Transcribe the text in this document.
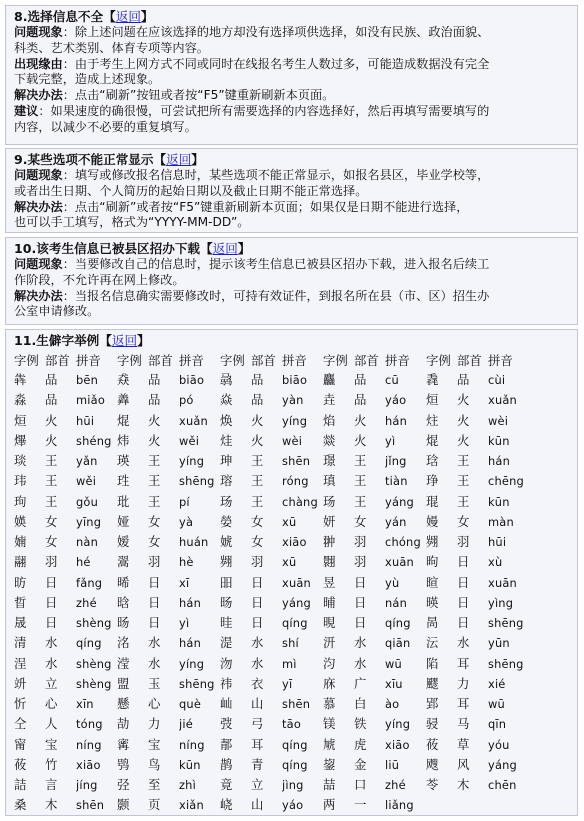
8.选择信息不全【返回】
问题现象：除上述问题在应该选择的地方却没有选择项供选择，如没有民族、政治面貌、
科类、艺术类别、体育专项等内容。
出现缘由：由于考生上网方式不同或同时在线报名考生人数过多，可能造成数据没有完全
下载完整，造成上述现象。
解决办法：点击“刷新”按钮或者按“F5”键重新刷新本页面。
建议：如果速度的确很慢，可尝试把所有需要选择的内容选择好，然后再填写需要填写的
内容，以减少不必要的重复填写。
9.某些选项不能正常显示【返回】
问题现象：填写或修改报名信息时，某些选项不能正常显示，如报名县区，毕业学校等，
或者出生日期、个人简历的起始日期以及截止日期不能正常选择。
解决办法：点击“刷新”或者按“F5”键重新刷新本页面；如果仅是日期不能进行选择，
也可以手工填写，格式为“YYYY-MM-DD”。
10.该考生信息已被县区招办下载【返回】
问题现象：当要修改自己的信息时，提示该考生信息已被县区招办下载，进入报名后续工
作阶段，不允许再在网上修改。
解决办法：当报名信息确实需要修改时，可持有效证件，到报名所在县（市、区）招生办
公室申请修改。
11.生僻字举例【返回】
字例	部首	拼音	字例	部首	拼音	字例	部首	拼音	字例	部首	拼音	字例	部首	拼音
犇	品	bēn	猋	品	biāo	骉	品	biāo	麤	品	cū	毳	品	cùi
淼	品	miǎo	羴	品	pó	焱	品	yàn	垚	品	yáo	烜	火	xuǎn
烜	火	hūi	焜	火	xuǎn	焕	火	yíng	焰	火	hán	炷	火	wèi
熚	火	shéng	炜	火	wěi	烓	火	wèi	燚	火	yì	焜	火	kūn
琰	王	yǎn	瑛	王	yíng	珅	王	shēn	璟	王	jǐng	琀	王	hán
玮	王	wěi	珄	王	shēng	瑢	王	róng	瑱	王	tiàn	琤	王	chēng
玽	王	gǒu	玭	王	pí	玚	王	chàng	玚	王	yáng	琨	王	kūn
媖	女	yīng	娅	女	yà	嫈	女	xū	妍	女	yán	嫚	女	màn
婻	女	nàn	嫒	女	huán	婋	女	xiāo	翀	羽	chóng	翙	羽	hūi
翮	羽	hé	翯	羽	hè	翙	羽	xū	翾	羽	xuān	昫	日	xù
昉	日	fǎng	晞	日	xī	昍	日	xuān	昱	日	yù	暄	日	xuān
晢	日	zhé	晗	日	hán	旸	日	yáng	晡	日	nán	暎	日	yìng
晟	日	shèng	旸	日	yì	晆	日	qíng	晛	日	qíng	晑	日	shēng
清	水	qíng	洺	水	hán	湜	水	shí	汧	水	qiān	沄	水	yūn
浧	水	shèng	滢	水	yíng	沕	水	mì	汮	水	wū	陷	耳	shēng
竔	立	shèng	盟	玉	shēng	祎	衣	yī	庥	广	xīu	飂	力	xié
忻	心	xīn	懸	心	què	屾	山	shēn	慕	白	ào	郢	耳	wū
仝	人	tóng	劼	力	jié	弢	弓	tāo	镁	铁	yíng	骎	马	qīn
甯	宝	níng	寗	宝	níng	郬	耳	qíng	虓	虎	xiāo	莜	草	yóu
莜	竹	xiāo	鸮	鸟	kūn	鹊	青	qíng	鋆	金	liū	飕	风	yáng
詰	言	jíng	弪	至	zhì	竟	立	jìng	喆	口	zhé	苓	木	chēn
桑	木	shēn	颢	页	xiǎn	峣	山	yáo	两	一	liǎng			
